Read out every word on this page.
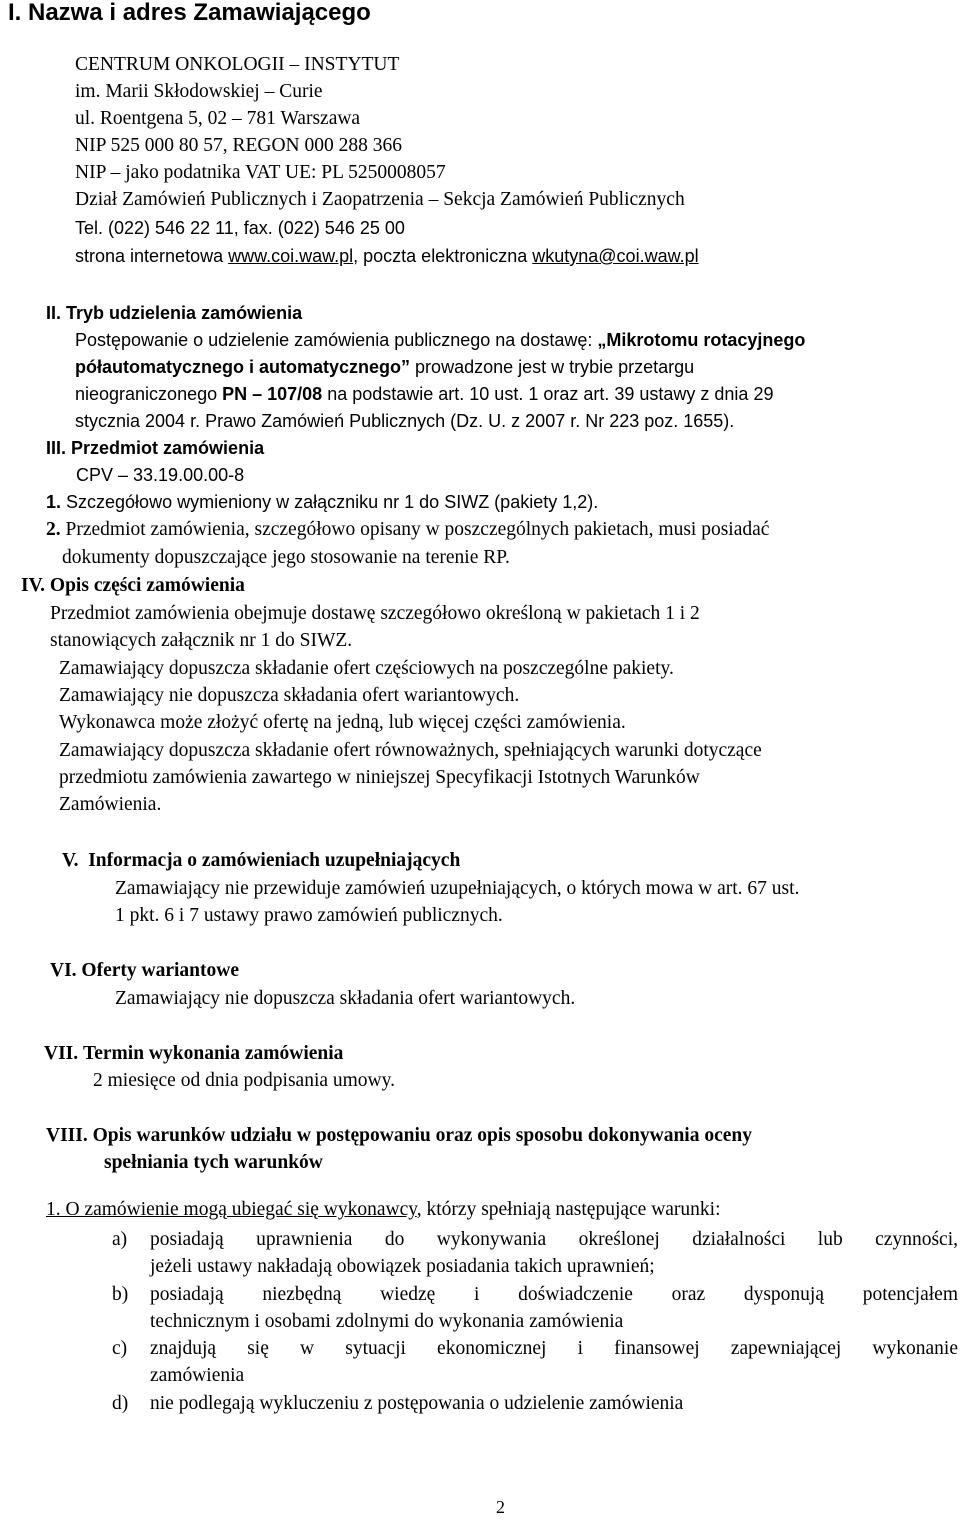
I. Nazwa i adres Zamawiającego
CENTRUM ONKOLOGII – INSTYTUT
im. Marii Skłodowskiej – Curie
ul. Roentgena 5, 02 – 781 Warszawa
NIP 525 000 80 57, REGON 000 288 366
NIP – jako podatnika VAT UE: PL 5250008057
Dział Zamówień Publicznych i Zaopatrzenia – Sekcja Zamówień Publicznych
Tel. (022) 546 22 11, fax. (022) 546 25 00
strona internetowa www.coi.waw.pl, poczta elektroniczna wkutyna@coi.waw.pl
II. Tryb udzielenia zamówienia
Postępowanie o udzielenie zamówienia publicznego na dostawę: „Mikrotomu rotacyjnego
półautomatycznego i automatycznego” prowadzone jest w trybie przetargu
nieograniczonego PN – 107/08 na podstawie art. 10 ust. 1 oraz art. 39 ustawy z dnia 29
stycznia 2004 r. Prawo Zamówień Publicznych (Dz. U. z 2007 r. Nr 223 poz. 1655).
III. Przedmiot zamówienia
CPV – 33.19.00.00-8
1. Szczegółowo wymieniony w załączniku nr 1 do SIWZ (pakiety 1,2).
2. Przedmiot zamówienia, szczegółowo opisany w poszczególnych pakietach, musi posiadać
dokumenty dopuszczające jego stosowanie na terenie RP.
IV. Opis części zamówienia
Przedmiot zamówienia obejmuje dostawę szczegółowo określoną w pakietach 1 i 2
stanowiących załącznik nr 1 do SIWZ.
Zamawiający dopuszcza składanie ofert częściowych na poszczególne pakiety.
Zamawiający nie dopuszcza składania ofert wariantowych.
Wykonawca może złożyć ofertę na jedną, lub więcej części zamówienia.
Zamawiający dopuszcza składanie ofert równoważnych, spełniających warunki dotyczące
przedmiotu zamówienia zawartego w niniejszej Specyfikacji Istotnych Warunków
Zamówienia.
V. Informacja o zamówieniach uzupełniających
Zamawiający nie przewiduje zamówień uzupełniających, o których mowa w art. 67 ust.
1 pkt. 6 i 7 ustawy prawo zamówień publicznych.
VI. Oferty wariantowe
Zamawiający nie dopuszcza składania ofert wariantowych.
VII. Termin wykonania zamówienia
2 miesięce od dnia podpisania umowy.
VIII. Opis warunków udziału w postępowaniu oraz opis sposobu dokonywania oceny
spełniania tych warunków
1. O zamówienie mogą ubiegać się wykonawcy, którzy spełniają następujące warunki:
a) posiadają uprawnienia do wykonywania określonej działalności lub czynności,
jeżeli ustawy nakładają obowiązek posiadania takich uprawnień;
b) posiadają niezbędną wiedzę i doświadczenie oraz dysponują potencjałem
technicznym i osobami zdolnymi do wykonania zamówienia
c) znajdują się w sytuacji ekonomicznej i finansowej zapewniającej wykonanie
zamówienia
d) nie podlegają wykluczeniu z postępowania o udzielenie zamówienia
2
